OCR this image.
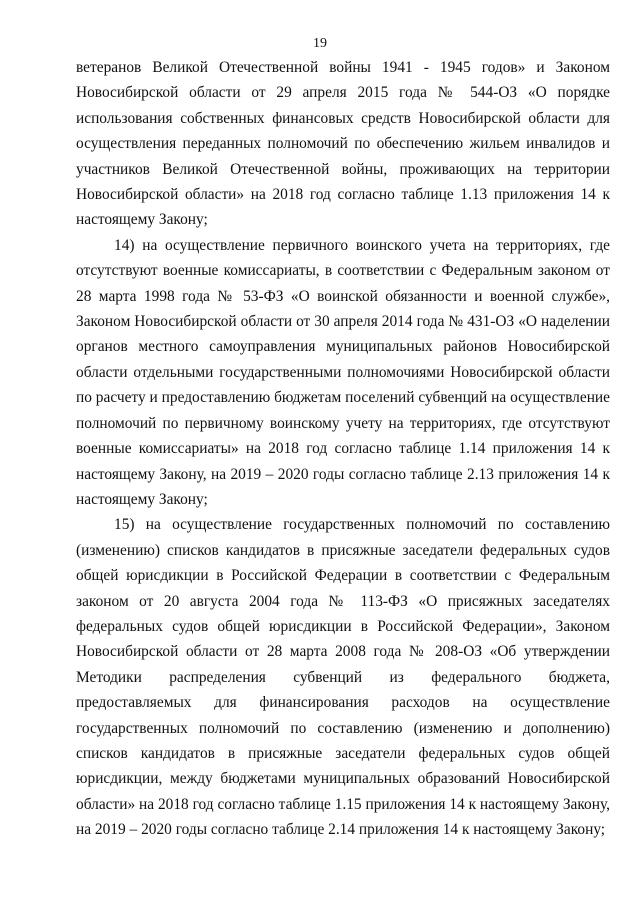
19

ветеранов Великой Отечественной войны 1941 - 1945 годов» и Законом Новосибирской области от 29 апреля 2015 года № 544-ОЗ «О порядке использования собственных финансовых средств Новосибирской области для осуществления переданных полномочий по обеспечению жильем инвалидов и участников Великой Отечественной войны, проживающих на территории Новосибирской области» на 2018 год согласно таблице 1.13 приложения 14 к настоящему Закону;

14) на осуществление первичного воинского учета на территориях, где отсутствуют военные комиссариаты, в соответствии с Федеральным законом от 28 марта 1998 года № 53-ФЗ «О воинской обязанности и военной службе», Законом Новосибирской области от 30 апреля 2014 года № 431-ОЗ «О наделении органов местного самоуправления муниципальных районов Новосибирской области отдельными государственными полномочиями Новосибирской области по расчету и предоставлению бюджетам поселений субвенций на осуществление полномочий по первичному воинскому учету на территориях, где отсутствуют военные комиссариаты» на 2018 год согласно таблице 1.14 приложения 14 к настоящему Закону, на 2019 – 2020 годы согласно таблице 2.13 приложения 14 к настоящему Закону;

15) на осуществление государственных полномочий по составлению (изменению) списков кандидатов в присяжные заседатели федеральных судов общей юрисдикции в Российской Федерации в соответствии с Федеральным законом от 20 августа 2004 года № 113-ФЗ «О присяжных заседателях федеральных судов общей юрисдикции в Российской Федерации», Законом Новосибирской области от 28 марта 2008 года № 208-ОЗ «Об утверждении Методики распределения субвенций из федерального бюджета, предоставляемых для финансирования расходов на осуществление государственных полномочий по составлению (изменению и дополнению) списков кандидатов в присяжные заседатели федеральных судов общей юрисдикции, между бюджетами муниципальных образований Новосибирской области» на 2018 год согласно таблице 1.15 приложения 14 к настоящему Закону, на 2019 – 2020 годы согласно таблице 2.14 приложения 14 к настоящему Закону;
